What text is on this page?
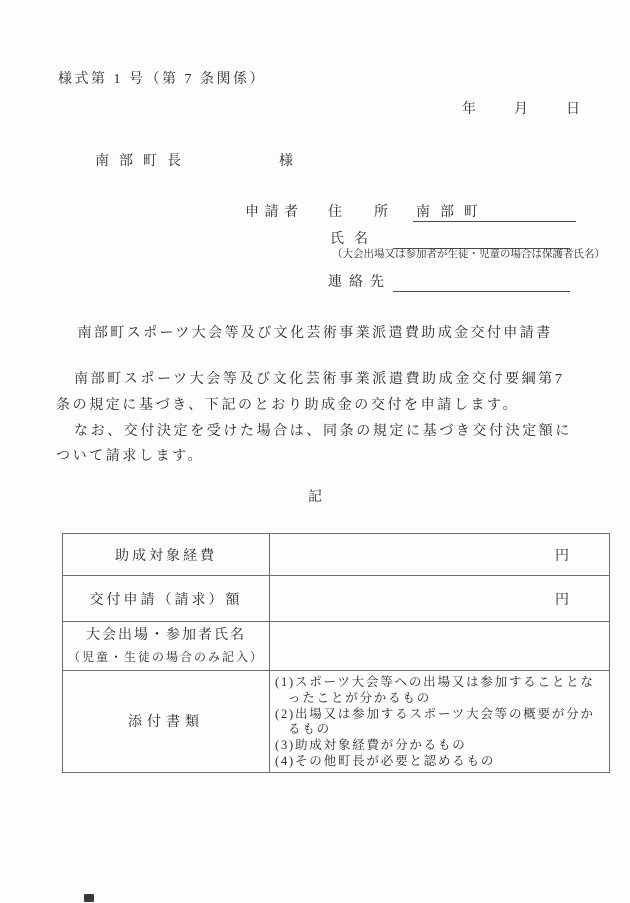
様式第 1 号（第 7 条関係）
年	月	日
南部町長	様
申請者 住所
南部町
氏名
（大会出場又は参加者が生徒・児童の場合は保護者氏名）
連絡先
南部町スポーツ大会等及び文化芸術事業派遣費助成金交付申請書
南部町スポーツ大会等及び文化芸術事業派遣費助成金交付要綱第7
条の規定に基づき、下記のとおり助成金の交付を申請します。
なお、交付決定を受けた場合は、同条の規定に基づき交付決定額に
ついて請求します。
記
助成対象経費	円
交付申請（請求）額	円

大会出場・参加者氏名
（児童・生徒の場合のみ記入）	

添付書類	(1)スポーツ大会等への出場又は参加することとなったことが分かるもの
(2)出場又は参加するスポーツ大会等の概要が分かるもの
(3)助成対象経費が分かるもの
(4)その他町長が必要と認めるもの
